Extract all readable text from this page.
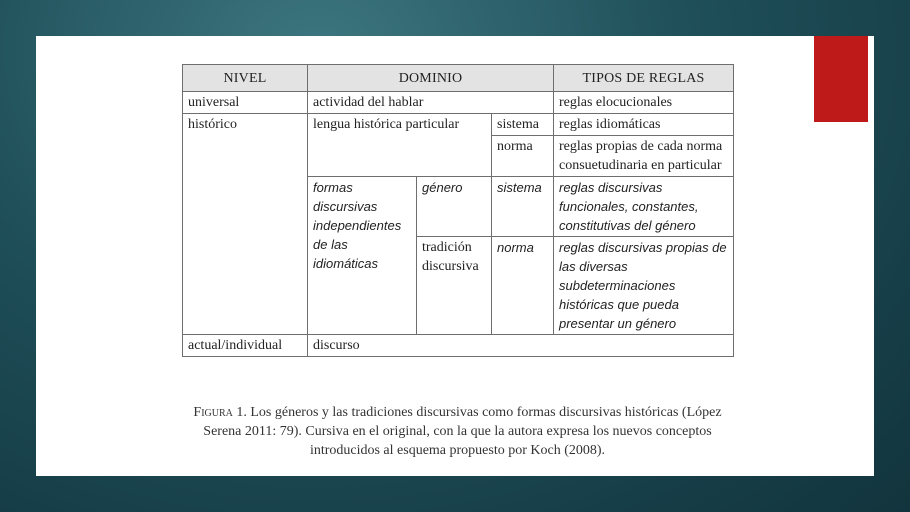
NIVEL	DOMINIO			TIPOS DE REGLAS
universal	actividad del hablar			reglas elocucionales
histórico	lengua histórica particular		sistema	reglas idiomáticas
			norma	reglas propias de cada norma consuetudinaria en particular
	formas discursivas independientes de las idiomáticas	género	sistema	reglas discursivas funcionales, constantes, constitutivas del género
		tradición discursiva	norma	reglas discursivas propias de las diversas subdeterminaciones históricas que pueda presentar un género
actual/individual	discurso			
Figura 1. Los géneros y las tradiciones discursivas como formas discursivas históricas (López Serena 2011: 79). Cursiva en el original, con la que la autora expresa los nuevos conceptos introducidos al esquema propuesto por Koch (2008).
